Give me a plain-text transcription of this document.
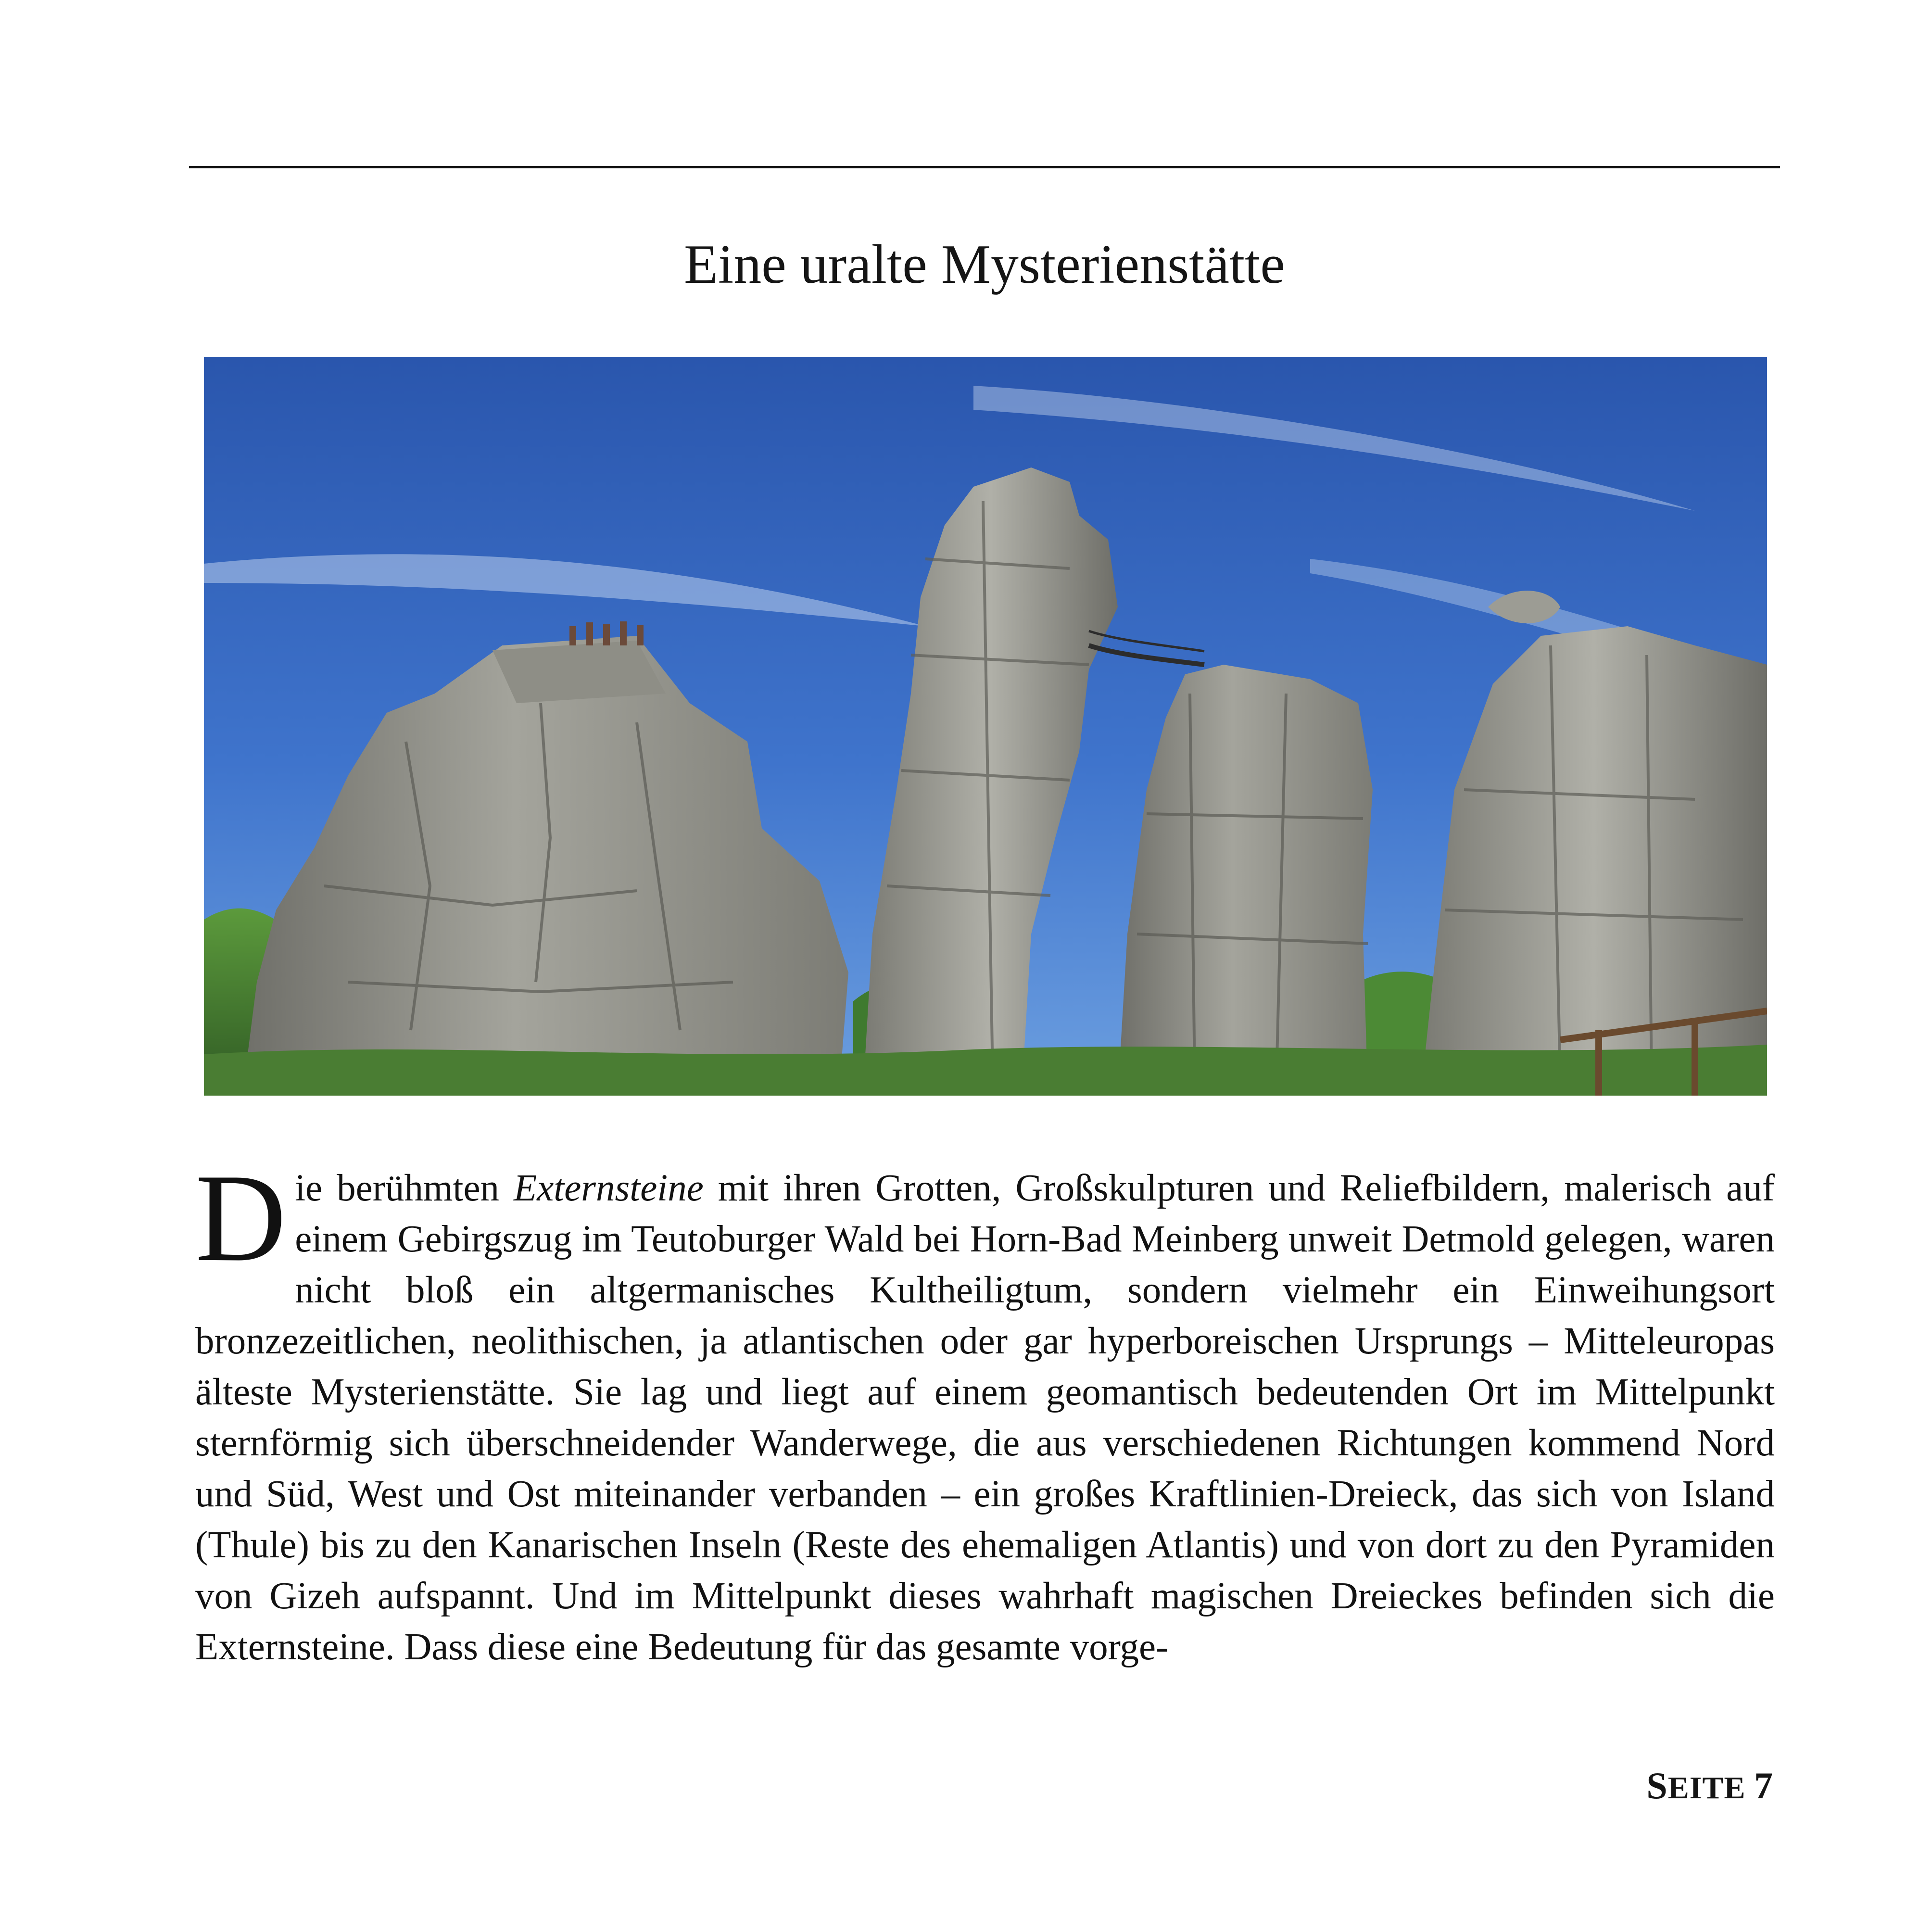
Eine uralte Mysterienstätte

Die berühmten Externsteine mit ihren Grotten, Großskulpturen und Reliefbildern, malerisch auf einem Gebirgszug im Teutoburger Wald bei Horn-Bad Meinberg unweit Detmold gelegen, waren nicht bloß ein altgermanisches Kultheiligtum, sondern vielmehr ein Einweihungsort bronzezeitlichen, neolithischen, ja atlantischen oder gar hyperboreischen Ursprungs – Mitteleuropas älteste Mysterienstätte. Sie lag und liegt auf einem geomantisch bedeutenden Ort im Mittelpunkt sternförmig sich überschneidender Wanderwege, die aus verschiedenen Richtungen kommend Nord und Süd, West und Ost miteinander verbanden – ein großes Kraftlinien-Dreieck, das sich von Island (Thule) bis zu den Kanarischen Inseln (Reste des ehemaligen Atlantis) und von dort zu den Pyramiden von Gizeh aufspannt. Und im Mittelpunkt dieses wahrhaft magischen Dreieckes befinden sich die Externsteine. Dass diese eine Bedeutung für das gesamte vorge-

SEITE 7
